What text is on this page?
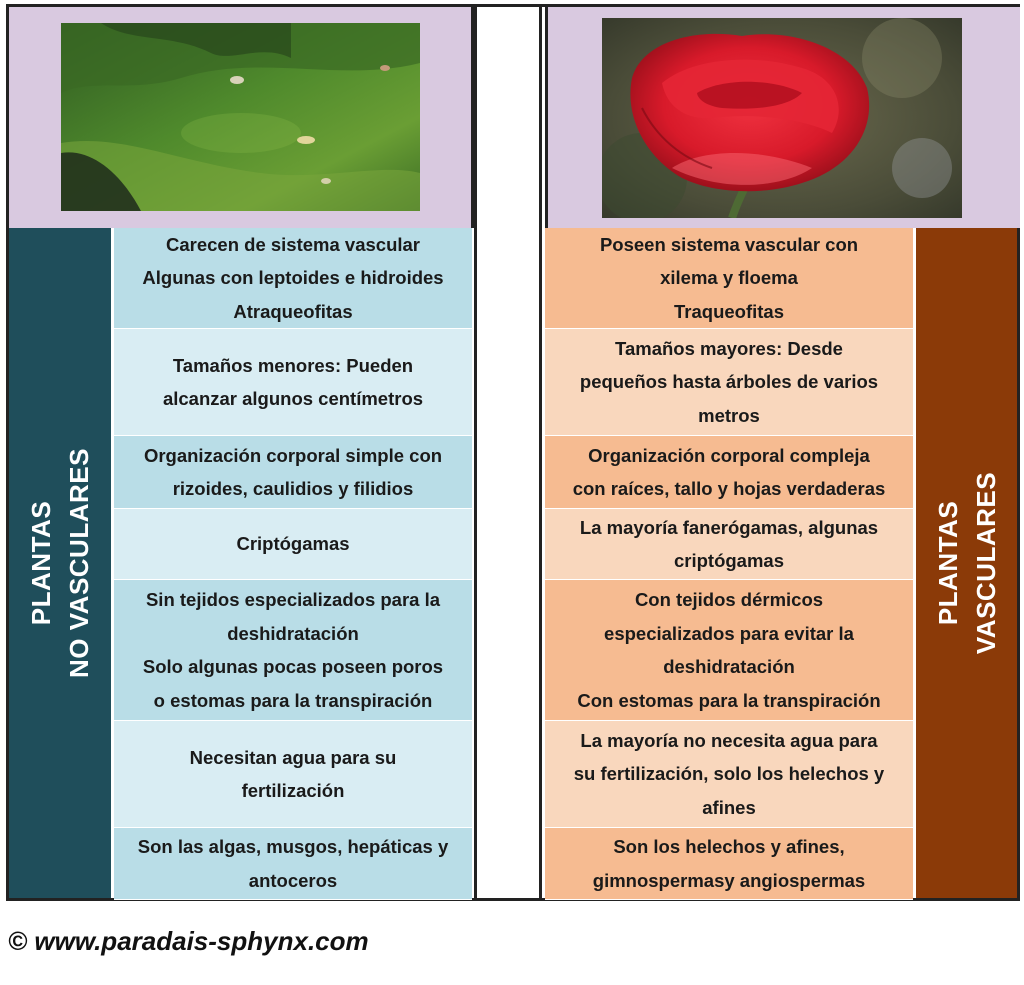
PLANTAS NO VASCULARES	PLANTAS VASCULARES
Carecen de sistema vascular
Algunas con leptoides e hidroides
Atraqueofitas
Tamaños menores: Pueden
alcanzar algunos centímetros
Organización corporal simple con
rizoides, caulidios y filidios
Criptógamas
Sin tejidos especializados para la
deshidratación
Solo algunas pocas poseen poros
o estomas para la transpiración
Necesitan agua para su
fertilización
Son las algas, musgos, hepáticas y
antoceros
Poseen sistema vascular con
xilema y floema
Traqueofitas
Tamaños mayores: Desde
pequeños hasta árboles de varios
metros
Organización corporal compleja
con raíces, tallo y hojas verdaderas
La mayoría fanerógamas, algunas
criptógamas
Con tejidos dérmicos
especializados para evitar la
deshidratación
Con estomas para la transpiración
La mayoría no necesita agua para
su fertilización, solo los helechos y
afines
Son los helechos y afines,
gimnospermasy angiospermas
© www.paradais-sphynx.com
